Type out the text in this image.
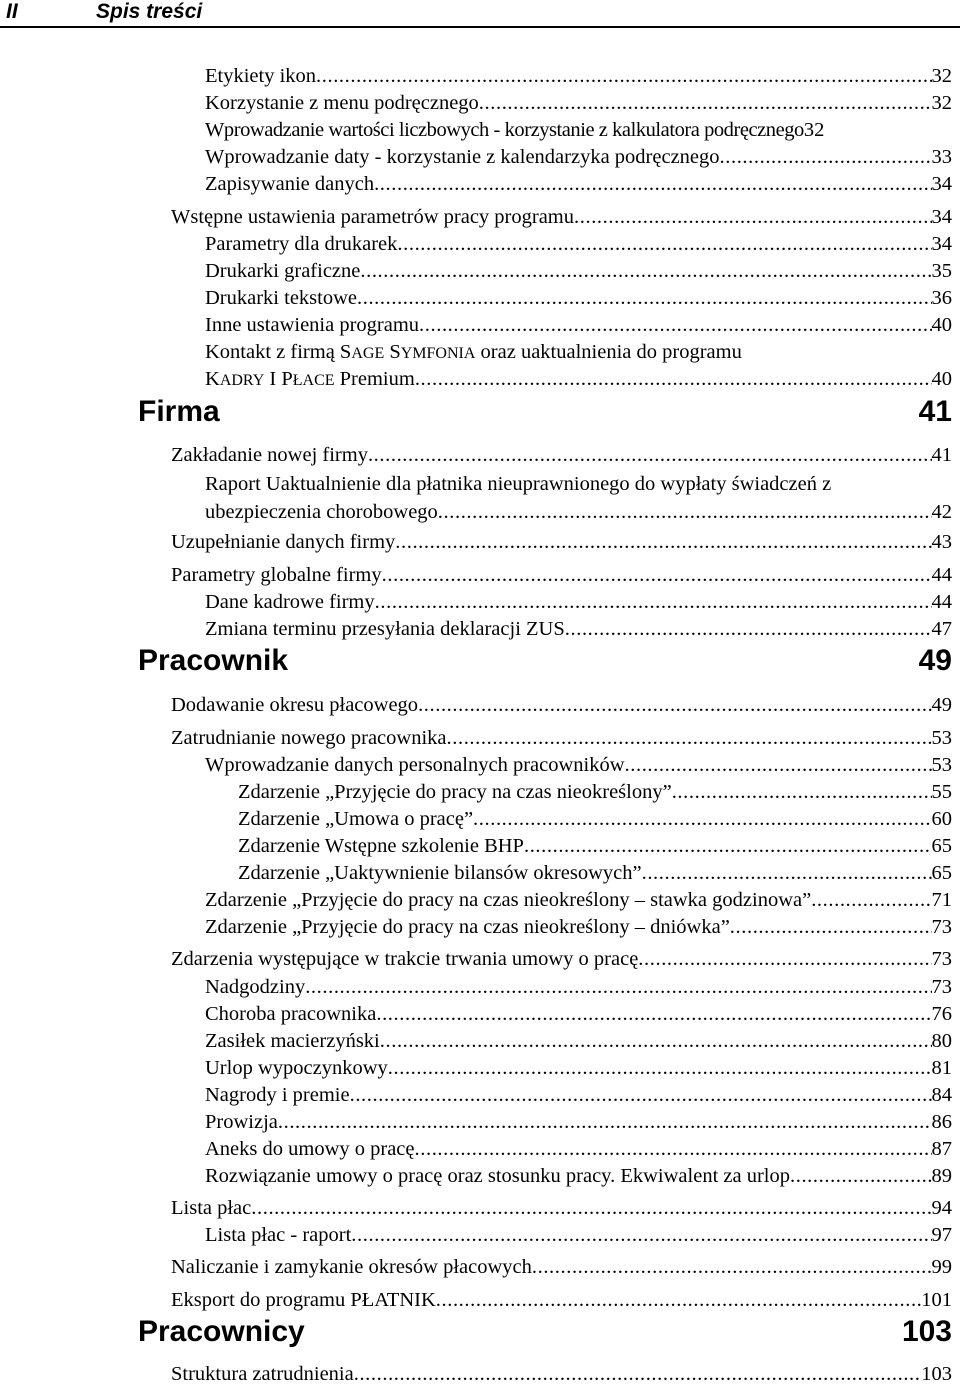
II	Spis treści
Etykiety ikon .....	32
Korzystanie z menu podręcznego .....	32
Wprowadzanie wartości liczbowych - korzystanie z kalkulatora podręcznego 32
Wprowadzanie daty - korzystanie z kalendarzyka podręcznego .....	33
Zapisywanie danych .....	34
Wstępne ustawienia parametrów pracy programu .....	34
Parametry dla drukarek .....	34
Drukarki graficzne .....	35
Drukarki tekstowe .....	36
Inne ustawienia programu .....	40
Kontakt z firmą SAGE SYMFONIA oraz uaktualnienia do programu
KADRY I PŁACE Premium .....	40
Firma	41
Zakładanie nowej firmy .....	41
Raport Uaktualnienie dla płatnika nieuprawnionego do wypłaty świadczeń z
ubezpieczenia chorobowego .....	42
Uzupełnianie danych firmy .....	43
Parametry globalne firmy .....	44
Dane kadrowe firmy .....	44
Zmiana terminu przesyłania deklaracji ZUS .....	47
Pracownik	49
Dodawanie okresu płacowego .....	49
Zatrudnianie nowego pracownika .....	53
Wprowadzanie danych personalnych pracowników .....	53
Zdarzenie „Przyjęcie do pracy na czas nieokreślony” .....	55
Zdarzenie „Umowa o pracę” .....	60
Zdarzenie Wstępne szkolenie BHP .....	65
Zdarzenie „Uaktywnienie bilansów okresowych” .....	65
Zdarzenie „Przyjęcie do pracy na czas nieokreślony – stawka godzinowa” .....	71
Zdarzenie „Przyjęcie do pracy na czas nieokreślony – dniówka” .....	73
Zdarzenia występujące w trakcie trwania umowy o pracę .....	73
Nadgodziny .....	73
Choroba pracownika .....	76
Zasiłek macierzyński .....	80
Urlop wypoczynkowy .....	81
Nagrody i premie .....	84
Prowizja .....	86
Aneks do umowy o pracę .....	87
Rozwiązanie umowy o pracę oraz stosunku pracy. Ekwiwalent za urlop .....	89
Lista płac .....	94
Lista płac - raport .....	97
Naliczanie i zamykanie okresów płacowych .....	99
Eksport do programu PŁATNIK .....	101
Pracownicy	103
Struktura zatrudnienia .....	103
